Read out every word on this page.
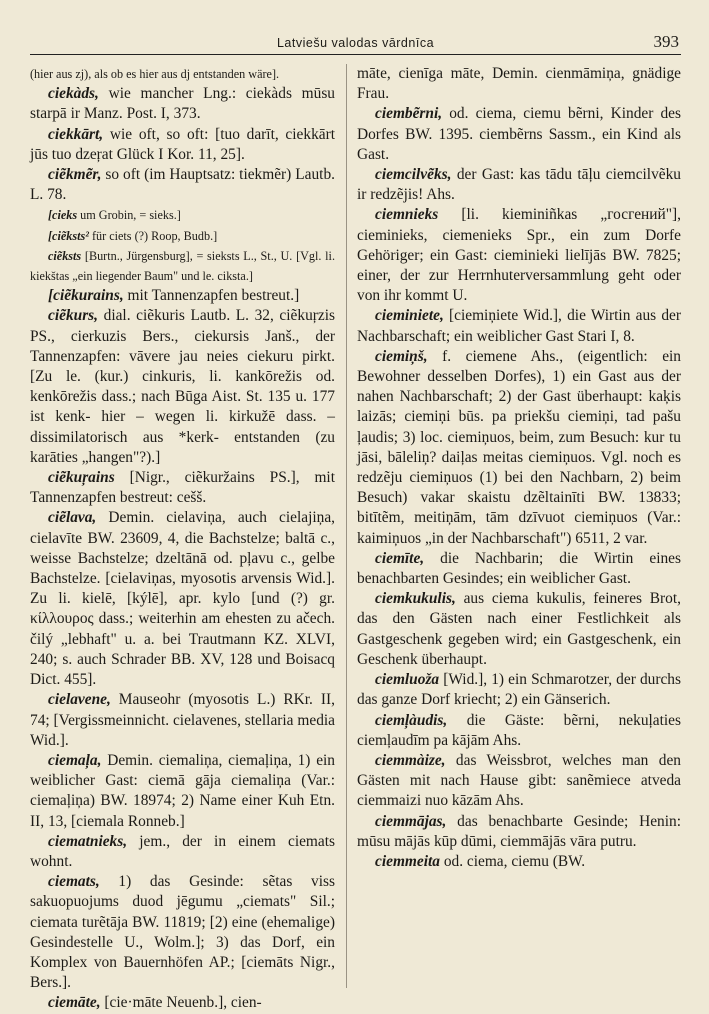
Latviešu valodas vārdnīca	393

(hier aus zj), als ob es hier aus dj entstanden wäre].

ciekàds, wie mancher Lng.: ciekàds mūsu starpā ir Manz. Post. I, 373.

ciekkārt, wie oft, so oft: [tuo darīt, ciekkārt jūs tuo dzeŗat Glück I Kor. 11, 25].

ciẽkmẽr, so oft (im Hauptsatz: tiekmẽr) Lautb. L. 78.

[cieks um Grobin, = sieks.]

[ciẽksts² für ciets (?) Roop, Budb.]

ciẽksts [Burtn., Jürgensburg], = sieksts L., St., U. [Vgl. li. kiekštas „ein liegender Baum" und le. ciksta.]

[ciẽkurains, mit Tannenzapfen bestreut.]

ciẽkurs, dial. ciẽkuris Lautb. L. 32, ciẽkuŗzis PS., cierkuzis Bers., ciekursis Janš., der Tannenzapfen: vāvere jau neies ciekuru pirkt. [Zu le. (kur.) cinkuris, li. kankōrežis od. kenkōrežis dass.; nach Būga Aist. St. 135 u. 177 ist kenk- hier – wegen li. kirkužē dass. – dissimilatorisch aus *kerk- entstanden (zu karāties „hangen"?).]

ciẽkuŗains [Nigr., ciẽkuržains PS.], mit Tannenzapfen bestreut: cešš.

ciẽlava, Demin. cielaviņa, auch cielajiņa, cielavīte BW. 23609, 4, die Bachstelze; baltā c., weisse Bachstelze; dzeltānā od. pļavu c., gelbe Bachstelze. [cielaviņas, myosotis arvensis Wid.]. Zu li. kielē, [kýlē], apr. kylo [und (?) gr. κίλλουρος dass.; weiterhin am ehesten zu ačech. čilý „lebhaft" u. a. bei Trautmann KZ. XLVI, 240; s. auch Schrader BB. XV, 128 und Boisacq Dict. 455].

cielavene, Mauseohr (myosotis L.) RKr. II, 74; [Vergissmeinnicht. cielavenes, stellaria media Wid.].

ciemaļa, Demin. ciemaliņa, ciemaļiņa, 1) ein weiblicher Gast: ciemā gāja ciemaliņa (Var.: ciemaļiņa) BW. 18974; 2) Name einer Kuh Etn. II, 13, [ciemala Ronneb.]

ciematnieks, jem., der in einem ciemats wohnt.

ciemats, 1) das Gesinde: sẽtas viss sakuopuojums duod jēgumu „ciemats" Sil.; ciemata turẽtāja BW. 11819; [2) eine (ehemalige) Gesindestelle U., Wolm.]; 3) das Dorf, ein Komplex von Bauernhöfen AP.; [ciemāts Nigr., Bers.].

ciemāte, [cie·māte Neuenb.], cien-

māte, cienīga māte, Demin. cienmāmiņa, gnädige Frau.

ciembẽrni, od. ciema, ciemu bẽrni, Kinder des Dorfes BW. 1395. ciembẽrns Sassm., ein Kind als Gast.

ciemcilvẽks, der Gast: kas tādu tāļu ciemcilvẽku ir redzẽjis! Ahs.

ciemnieks [li. kieminiñkas „госгений"], cieminieks, ciemenieks Spr., ein zum Dorfe Gehöriger; ein Gast: cieminieki lielījās BW. 7825; einer, der zur Herrnhuterversammlung geht oder von ihr kommt U.

cieminiete, [ciemiņiete Wid.], die Wirtin aus der Nachbarschaft; ein weiblicher Gast Stari I, 8.

ciemiņš, f. ciemene Ahs., (eigentlich: ein Bewohner desselben Dorfes), 1) ein Gast aus der nahen Nachbarschaft; 2) der Gast überhaupt: kaķis laizās; ciemiņi būs. pa priekšu ciemiņi, tad pašu ļaudis; 3) loc. ciemiņuos, beim, zum Besuch: kur tu jāsi, bāleliņ? daiļas meitas ciemiņuos. Vgl. noch es redzẽju ciemiņuos (1) bei den Nachbarn, 2) beim Besuch) vakar skaistu dzẽltainīti BW. 13833; bitītẽm, meitiņām, tām dzīvuot ciemiņuos (Var.: kaimiņuos „in der Nachbarschaft") 6511, 2 var.

ciemīte, die Nachbarin; die Wirtin eines benachbarten Gesindes; ein weiblicher Gast.

ciemkukulis, aus ciema kukulis, feineres Brot, das den Gästen nach einer Festlichkeit als Gastgeschenk gegeben wird; ein Gastgeschenk, ein Geschenk überhaupt.

ciemluoža [Wid.], 1) ein Schmarotzer, der durchs das ganze Dorf kriecht; 2) ein Gänserich.

ciemļàudis, die Gäste: bẽrni, nekuļaties ciemļaudīm pa kājām Ahs.

ciemmàize, das Weissbrot, welches man den Gästen mit nach Hause gibt: sanẽmiece atveda ciemmaizi nuo kāzām Ahs.

ciemmājas, das benachbarte Gesinde; Henin: mūsu mājās kūp dūmi, ciemmājās vāra putru.

ciemmeita od. ciema, ciemu (BW.
